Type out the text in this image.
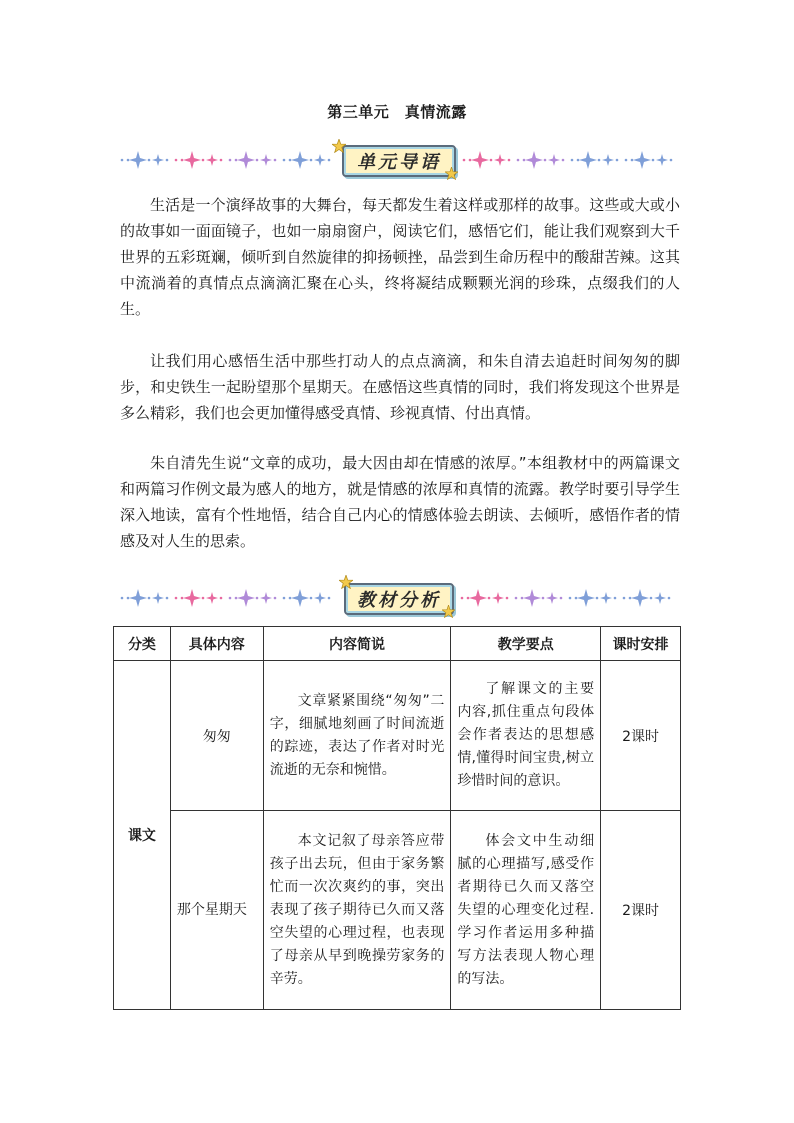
第三单元　真情流露
单元导语

生活是一个演绎故事的大舞台，每天都发生着这样或那样的故事。这些或大或小的故事如一面面镜子，也如一扇扇窗户，阅读它们，感悟它们，能让我们观察到大千世界的五彩斑斓，倾听到自然旋律的抑扬顿挫，品尝到生命历程中的酸甜苦辣。这其中流淌着的真情点点滴滴汇聚在心头，终将凝结成颗颗光润的珍珠，点缀我们的人生。

让我们用心感悟生活中那些打动人的点点滴滴，和朱自清去追赶时间匆匆的脚步，和史铁生一起盼望那个星期天。在感悟这些真情的同时，我们将发现这个世界是多么精彩，我们也会更加懂得感受真情、珍视真情、付出真情。

朱自清先生说“文章的成功，最大因由却在情感的浓厚。”本组教材中的两篇课文和两篇习作例文最为感人的地方，就是情感的浓厚和真情的流露。教学时要引导学生深入地读，富有个性地悟，结合自己内心的情感体验去朗读、去倾听，感悟作者的情感及对人生的思索。

教材分析
分类	具体内容	内容简说	教学要点	课时安排
课文	匆匆	文章紧紧围绕“匆匆”二字，细腻地刻画了时间流逝的踪迹，表达了作者对时光流逝的无奈和惋惜。	了解课文的主要内容,抓住重点句段体会作者表达的思想感情,懂得时间宝贵,树立珍惜时间的意识。	2课时

	那个星期天	本文记叙了母亲答应带孩子出去玩，但由于家务繁忙而一次次爽约的事，突出表现了孩子期待已久而又落空失望的心理过程，也表现了母亲从早到晚操劳家务的辛劳。	体会文中生动细腻的心理描写,感受作者期待已久而又落空失望的心理变化过程.学习作者运用多种描写方法表现人物心理的写法。	2课时
